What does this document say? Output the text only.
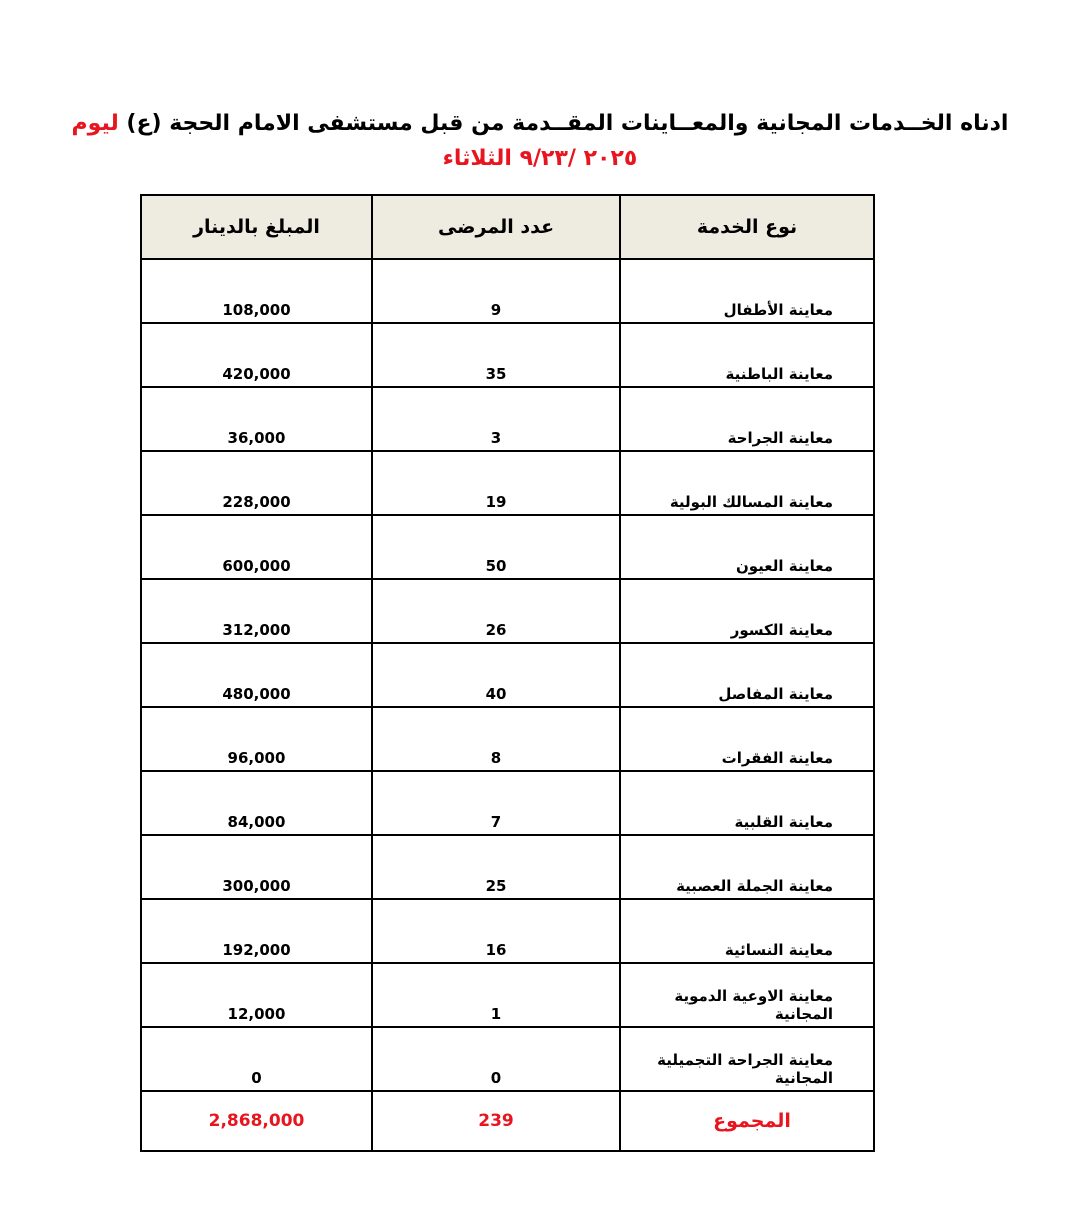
ادناه الخــدمات المجانية والمعــاينات المقــدمة من قبل مستشفى الامام الحجة (ع) ليوم
٢٠٢٥ /٩/٢٣ الثلاثاء
نوع الخدمة	عدد المرضى	المبلغ بالدينار

معاينة الأطفال	9	108,000

معاينة الباطنية	35	420,000

معاينة الجراحة	3	36,000

معاينة المسالك البولية	19	228,000

معاينة العيون	50	600,000

معاينة الكسور	26	312,000

معاينة المفاصل	40	480,000

معاينة الفقرات	8	96,000

معاينة القلبية	7	84,000

معاينة الجملة العصبية	25	300,000

معاينة النسائية	16	192,000

معاينة الاوعية الدموية المجانية	1	12,000

معاينة الجراحة التجميلية المجانية	0	0

المجموع	239	2,868,000
